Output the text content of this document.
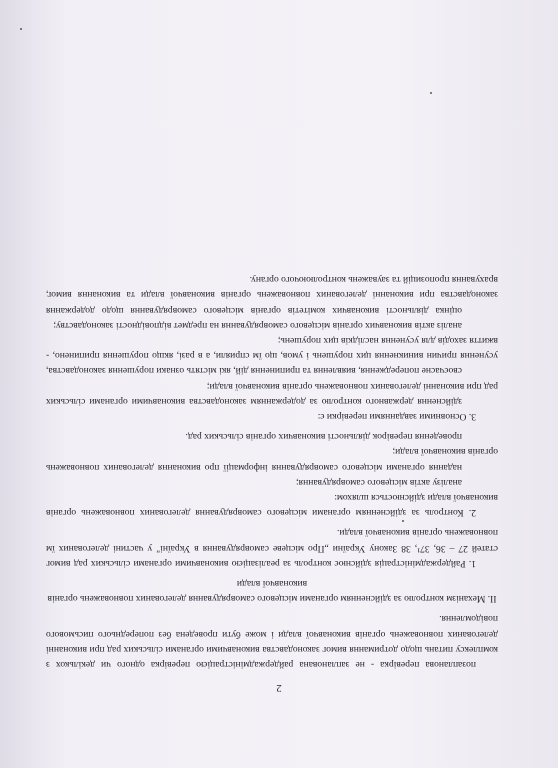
2

позапланова перевірка - не запланована райдержадміністрацією перевірка одного чи декількох з комплексу питань щодо дотримання вимог законодавства виконавчими органами сільських рад при виконанні делегованих повноважень органів виконавчої влади і може бути проведена без попереднього письмового повідомлення.

II. Механізм контролю за здійсненням органами місцевого самоврядування делегованих повноважень органів виконавчої влади

1. Райдержадміністрація здійснює контроль за реалізацією виконавчими органами сільських рад вимог статей 27 – 36, 37¹, 38 Закону України „Про місцеве самоврядування в Україні" у частині делегованих їм повноважень органів виконавчої влади.

2. Контроль за здійсненням органами місцевого самоврядування делегованих повноважень органів виконавчої влади здійснюється шляхом:

аналізу актів місцевого самоврядування;

надання органами місцевого самоврядування інформації про виконання делегованих повноважень органів виконавчої влади;

проведення перевірок діяльності виконавчих органів сільських рад.

3. Основними завданнями перевірки є:

здійснення державного контролю за додержанням законодавства виконавчими органами сільських рад при виконанні делегованих повноважень органів виконавчої влади;

своєчасне попередження, виявлення та припинення дій, які містять ознаки порушення законодавства, усунення причин виникнення цих порушень і умов, що їм сприяли, а в разі, якщо порушення припинено, - вжиття заходів для усунення наслідків цих порушень;

аналіз актів виконавчих органів місцевого самоврядування на предмет відповідності законодавству;

оцінка діяльності виконавчих комітетів органів місцевого самоврядування щодо додержання законодавства при виконанні делегованих повноважень органів виконавчої влади та виконання вимог, врахування пропозицій та зауважень контролюючого органу.
